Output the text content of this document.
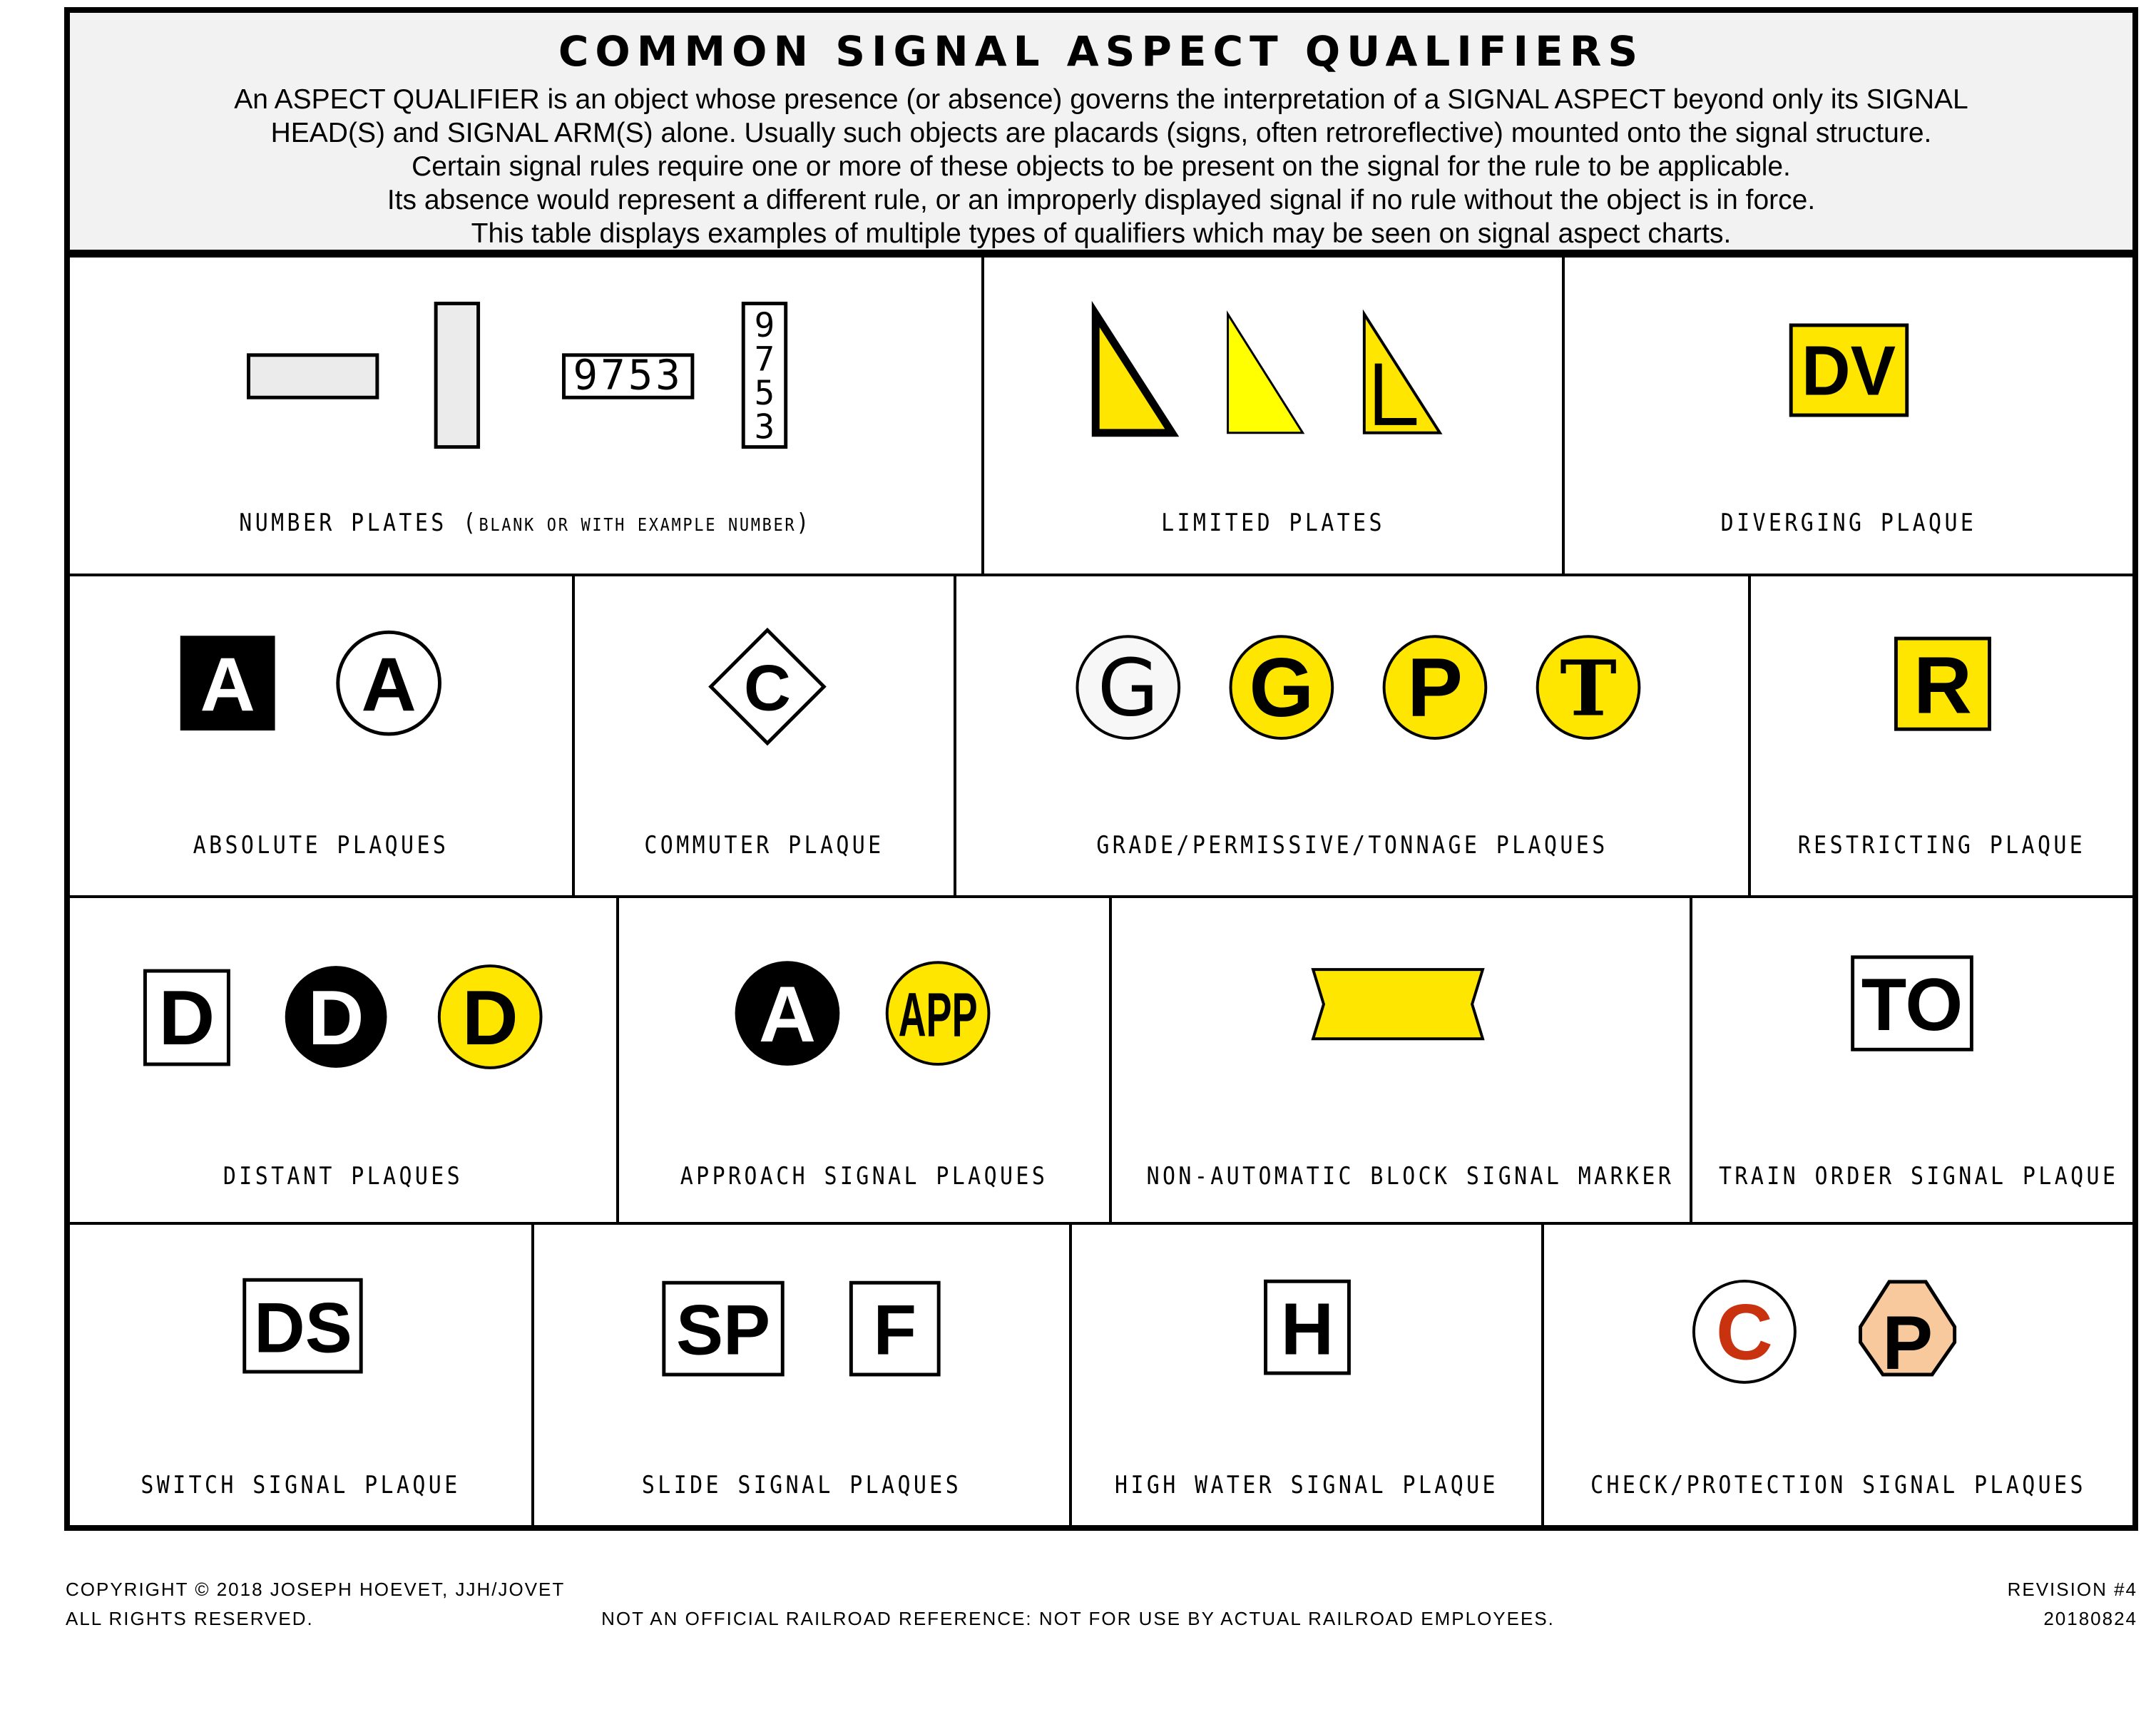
COMMON SIGNAL ASPECT QUALIFIERS
An ASPECT QUALIFIER is an object whose presence (or absence) governs the interpretation of a SIGNAL ASPECT beyond only its SIGNAL
HEAD(S) and SIGNAL ARM(S) alone. Usually such objects are placards (signs, often retroreflective) mounted onto the signal structure.
Certain signal rules require one or more of these objects to be present on the signal for the rule to be applicable.
Its absence would represent a different rule, or an improperly displayed signal if no rule without the object is in force.
This table displays examples of multiple types of qualifiers which may be seen on signal aspect charts.
9753
9
7
5
3
NUMBER PLATES (BLANK OR WITH EXAMPLE NUMBER)	LIMITED PLATES
DV
DIVERGING PLAQUE
A A
ABSOLUTE PLAQUES
C
COMMUTER PLAQUE
G G P T
GRADE/PERMISSIVE/TONNAGE PLAQUES
R
RESTRICTING PLAQUE
D D D
DISTANT PLAQUES
A APP
APPROACH SIGNAL PLAQUES	NON-AUTOMATIC BLOCK SIGNAL MARKER
TO
TRAIN ORDER SIGNAL PLAQUE
DS
SWITCH SIGNAL PLAQUE
SP F
SLIDE SIGNAL PLAQUES
H
HIGH WATER SIGNAL PLAQUE
C P
CHECK/PROTECTION SIGNAL PLAQUES
COPYRIGHT © 2018 JOSEPH HOEVET, JJH/JOVET
ALL RIGHTS RESERVED.	NOT AN OFFICIAL RAILROAD REFERENCE: NOT FOR USE BY ACTUAL RAILROAD EMPLOYEES.
REVISION #4
20180824
